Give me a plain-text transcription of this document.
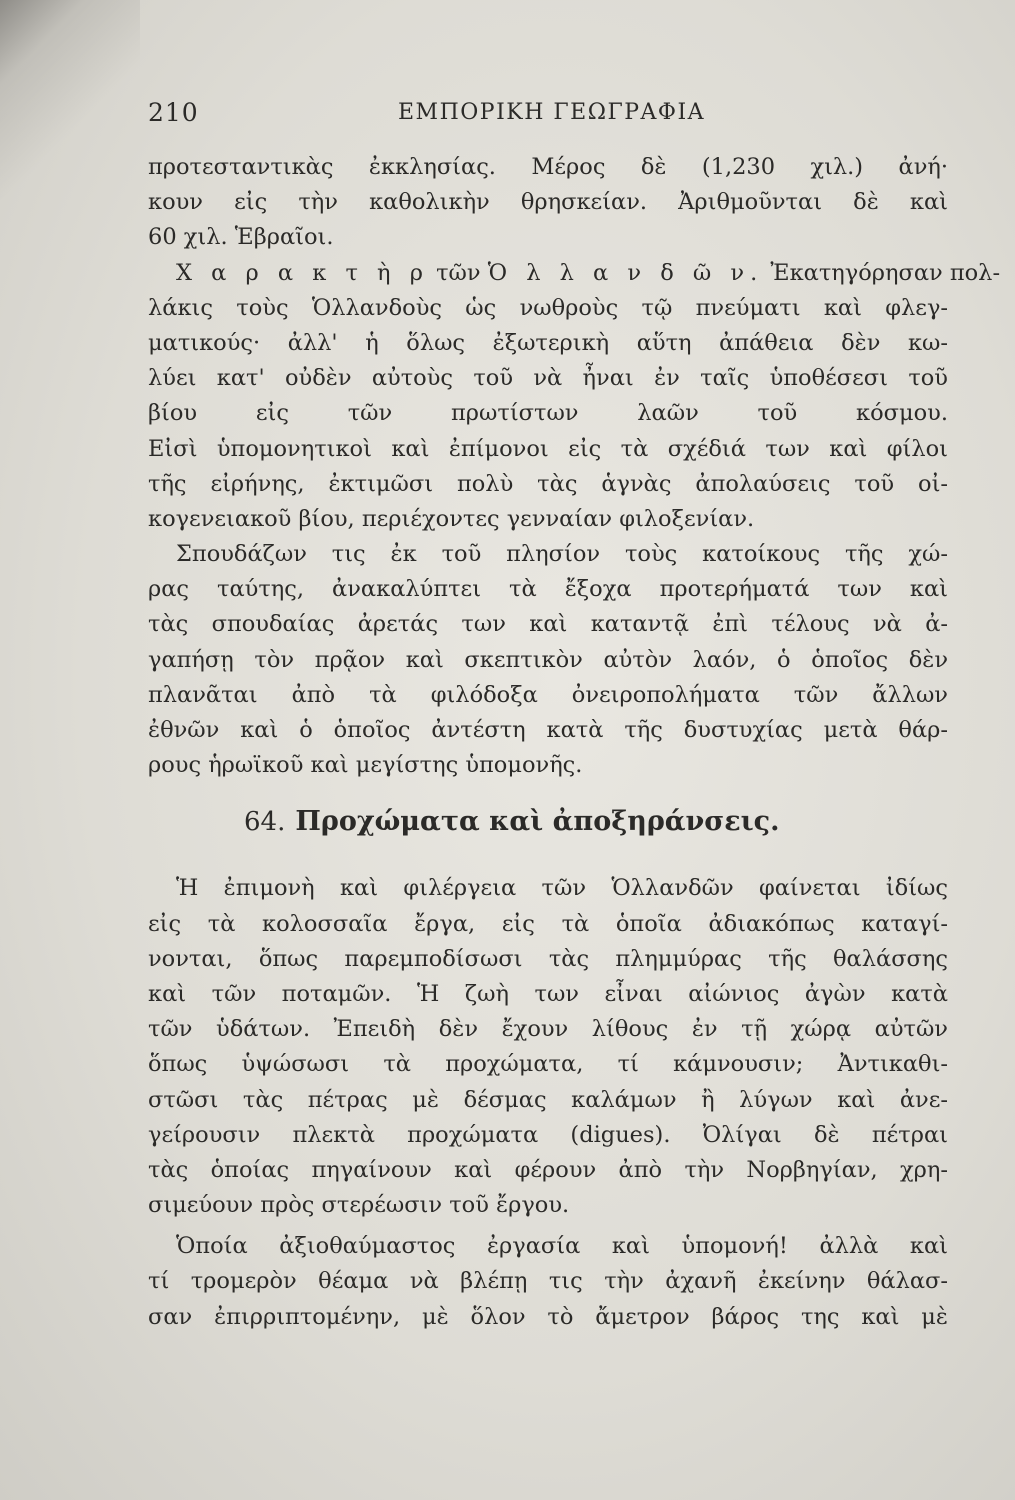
210	ΕΜΠΟΡΙΚΗ ΓΕΩΓΡΑΦΙΑ
προτεσταντικὰς ἐκκλησίας. Μέρος δὲ (1,230 χιλ.) ἀνή·
κουν εἰς τὴν καθολικὴν θρησκείαν. Ἀριθμοῦνται δὲ καὶ
60 χιλ. Ἑβραῖοι.
Χ α ρ α κ τ ὴ ρ τῶν Ὁ λ λ α ν δ ῶ ν. Ἐκατηγόρησαν πολ-
λάκις τοὺς Ὁλλανδοὺς ὡς νωθροὺς τῷ πνεύματι καὶ φλεγ-
ματικούς· ἀλλ' ἡ ὅλως ἐξωτερικὴ αὕτη ἀπάθεια δὲν κω-
λύει κατ' οὐδὲν αὐτοὺς τοῦ νὰ ἦναι ἐν ταῖς ὑποθέσεσι τοῦ
βίου εἰς τῶν πρωτίστων λαῶν τοῦ κόσμου.
Εἰσὶ ὑπομονητικοὶ καὶ ἐπίμονοι εἰς τὰ σχέδιά των καὶ φίλοι
τῆς εἰρήνης, ἐκτιμῶσι πολὺ τὰς ἁγνὰς ἀπολαύσεις τοῦ οἰ-
κογενειακοῦ βίου, περιέχοντες γενναίαν φιλοξενίαν.
Σπουδάζων τις ἐκ τοῦ πλησίον τοὺς κατοίκους τῆς χώ-
ρας ταύτης, ἀνακαλύπτει τὰ ἔξοχα προτερήματά των καὶ
τὰς σπουδαίας ἀρετάς των καὶ καταντᾷ ἐπὶ τέλους νὰ ἀ-
γαπήσῃ τὸν πρᾷον καὶ σκεπτικὸν αὐτὸν λαόν, ὁ ὁποῖος δὲν
πλανᾶται ἀπὸ τὰ φιλόδοξα ὀνειροπολήματα τῶν ἄλλων
ἐθνῶν καὶ ὁ ὁποῖος ἀντέστη κατὰ τῆς δυστυχίας μετὰ θάρ-
ρους ἡρωϊκοῦ καὶ μεγίστης ὑπομονῆς.
64. Προχώματα καὶ ἀποξηράνσεις.
Ἡ ἐπιμονὴ καὶ φιλέργεια τῶν Ὁλλανδῶν φαίνεται ἰδίως
εἰς τὰ κολοσσαῖα ἔργα, εἰς τὰ ὁποῖα ἀδιακόπως καταγί-
νονται, ὅπως παρεμποδίσωσι τὰς πλημμύρας τῆς θαλάσσης
καὶ τῶν ποταμῶν. Ἡ ζωὴ των εἶναι αἰώνιος ἀγὼν κατὰ
τῶν ὑδάτων. Ἐπειδὴ δὲν ἔχουν λίθους ἐν τῇ χώρᾳ αὐτῶν
ὅπως ὑψώσωσι τὰ προχώματα, τί κάμνουσιν; Ἀντικαθι-
στῶσι τὰς πέτρας μὲ δέσμας καλάμων ἢ λύγων καὶ ἀνε-
γείρουσιν πλεκτὰ προχώματα (digues). Ὀλίγαι δὲ πέτραι
τὰς ὁποίας πηγαίνουν καὶ φέρουν ἀπὸ τὴν Νορβηγίαν, χρη-
σιμεύουν πρὸς στερέωσιν τοῦ ἔργου.
Ὁποία ἀξιοθαύμαστος ἐργασία καὶ ὑπομονή! ἀλλὰ καὶ
τί τρομερὸν θέαμα νὰ βλέπῃ τις τὴν ἀχανῆ ἐκείνην θάλασ-
σαν ἐπιρριπτομένην, μὲ ὅλον τὸ ἄμετρον βάρος της καὶ μὲ
